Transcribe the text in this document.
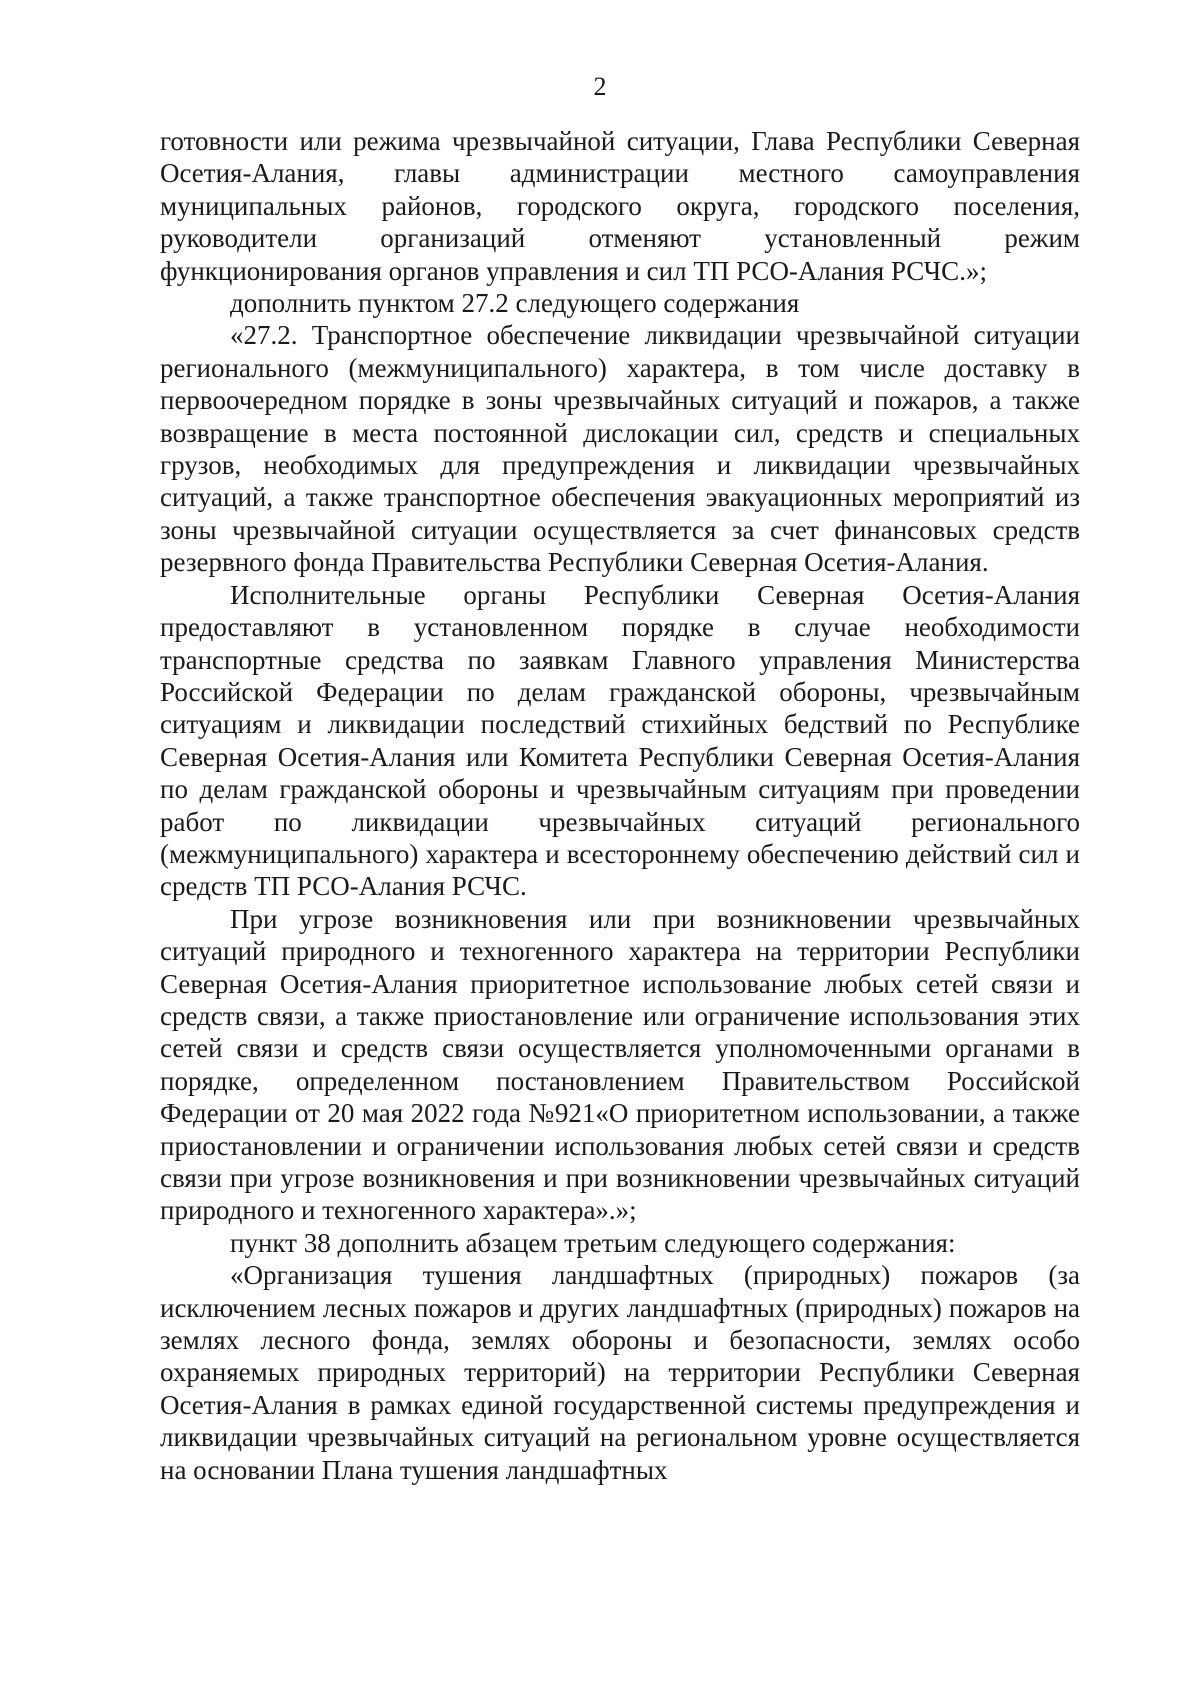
2

готовности или режима чрезвычайной ситуации, Глава Республики Северная Осетия-Алания, главы администрации местного самоуправления муниципальных районов, городского округа, городского поселения, руководители организаций отменяют установленный режим функционирования органов управления и сил ТП РСО-Алания РСЧС.»;

дополнить пунктом 27.2 следующего содержания

«27.2. Транспортное обеспечение ликвидации чрезвычайной ситуации регионального (межмуниципального) характера, в том числе доставку в первоочередном порядке в зоны чрезвычайных ситуаций и пожаров, а также возвращение в места постоянной дислокации сил, средств и специальных грузов, необходимых для предупреждения и ликвидации чрезвычайных ситуаций, а также транспортное обеспечения эвакуационных мероприятий из зоны чрезвычайной ситуации осуществляется за счет финансовых средств резервного фонда Правительства Республики Северная Осетия-Алания.

Исполнительные органы Республики Северная Осетия-Алания предоставляют в установленном порядке в случае необходимости транспортные средства по заявкам Главного управления Министерства Российской Федерации по делам гражданской обороны, чрезвычайным ситуациям и ликвидации последствий стихийных бедствий по Республике Северная Осетия-Алания или Комитета Республики Северная Осетия-Алания по делам гражданской обороны и чрезвычайным ситуациям при проведении работ по ликвидации чрезвычайных ситуаций регионального (межмуниципального) характера и всестороннему обеспечению действий сил и средств ТП РСО-Алания РСЧС.

При угрозе возникновения или при возникновении чрезвычайных ситуаций природного и техногенного характера на территории Республики Северная Осетия-Алания приоритетное использование любых сетей связи и средств связи, а также приостановление или ограничение использования этих сетей связи и средств связи осуществляется уполномоченными органами в порядке, определенном постановлением Правительством Российской Федерации от 20 мая 2022 года №921«О приоритетном использовании, а также приостановлении и ограничении использования любых сетей связи и средств связи при угрозе возникновения и при возникновении чрезвычайных ситуаций природного и техногенного характера».»;

пункт 38 дополнить абзацем третьим следующего содержания:

«Организация тушения ландшафтных (природных) пожаров (за исключением лесных пожаров и других ландшафтных (природных) пожаров на землях лесного фонда, землях обороны и безопасности, землях особо охраняемых природных территорий) на территории Республики Северная Осетия-Алания в рамках единой государственной системы предупреждения и ликвидации чрезвычайных ситуаций на региональном уровне осуществляется на основании Плана тушения ландшафтных
